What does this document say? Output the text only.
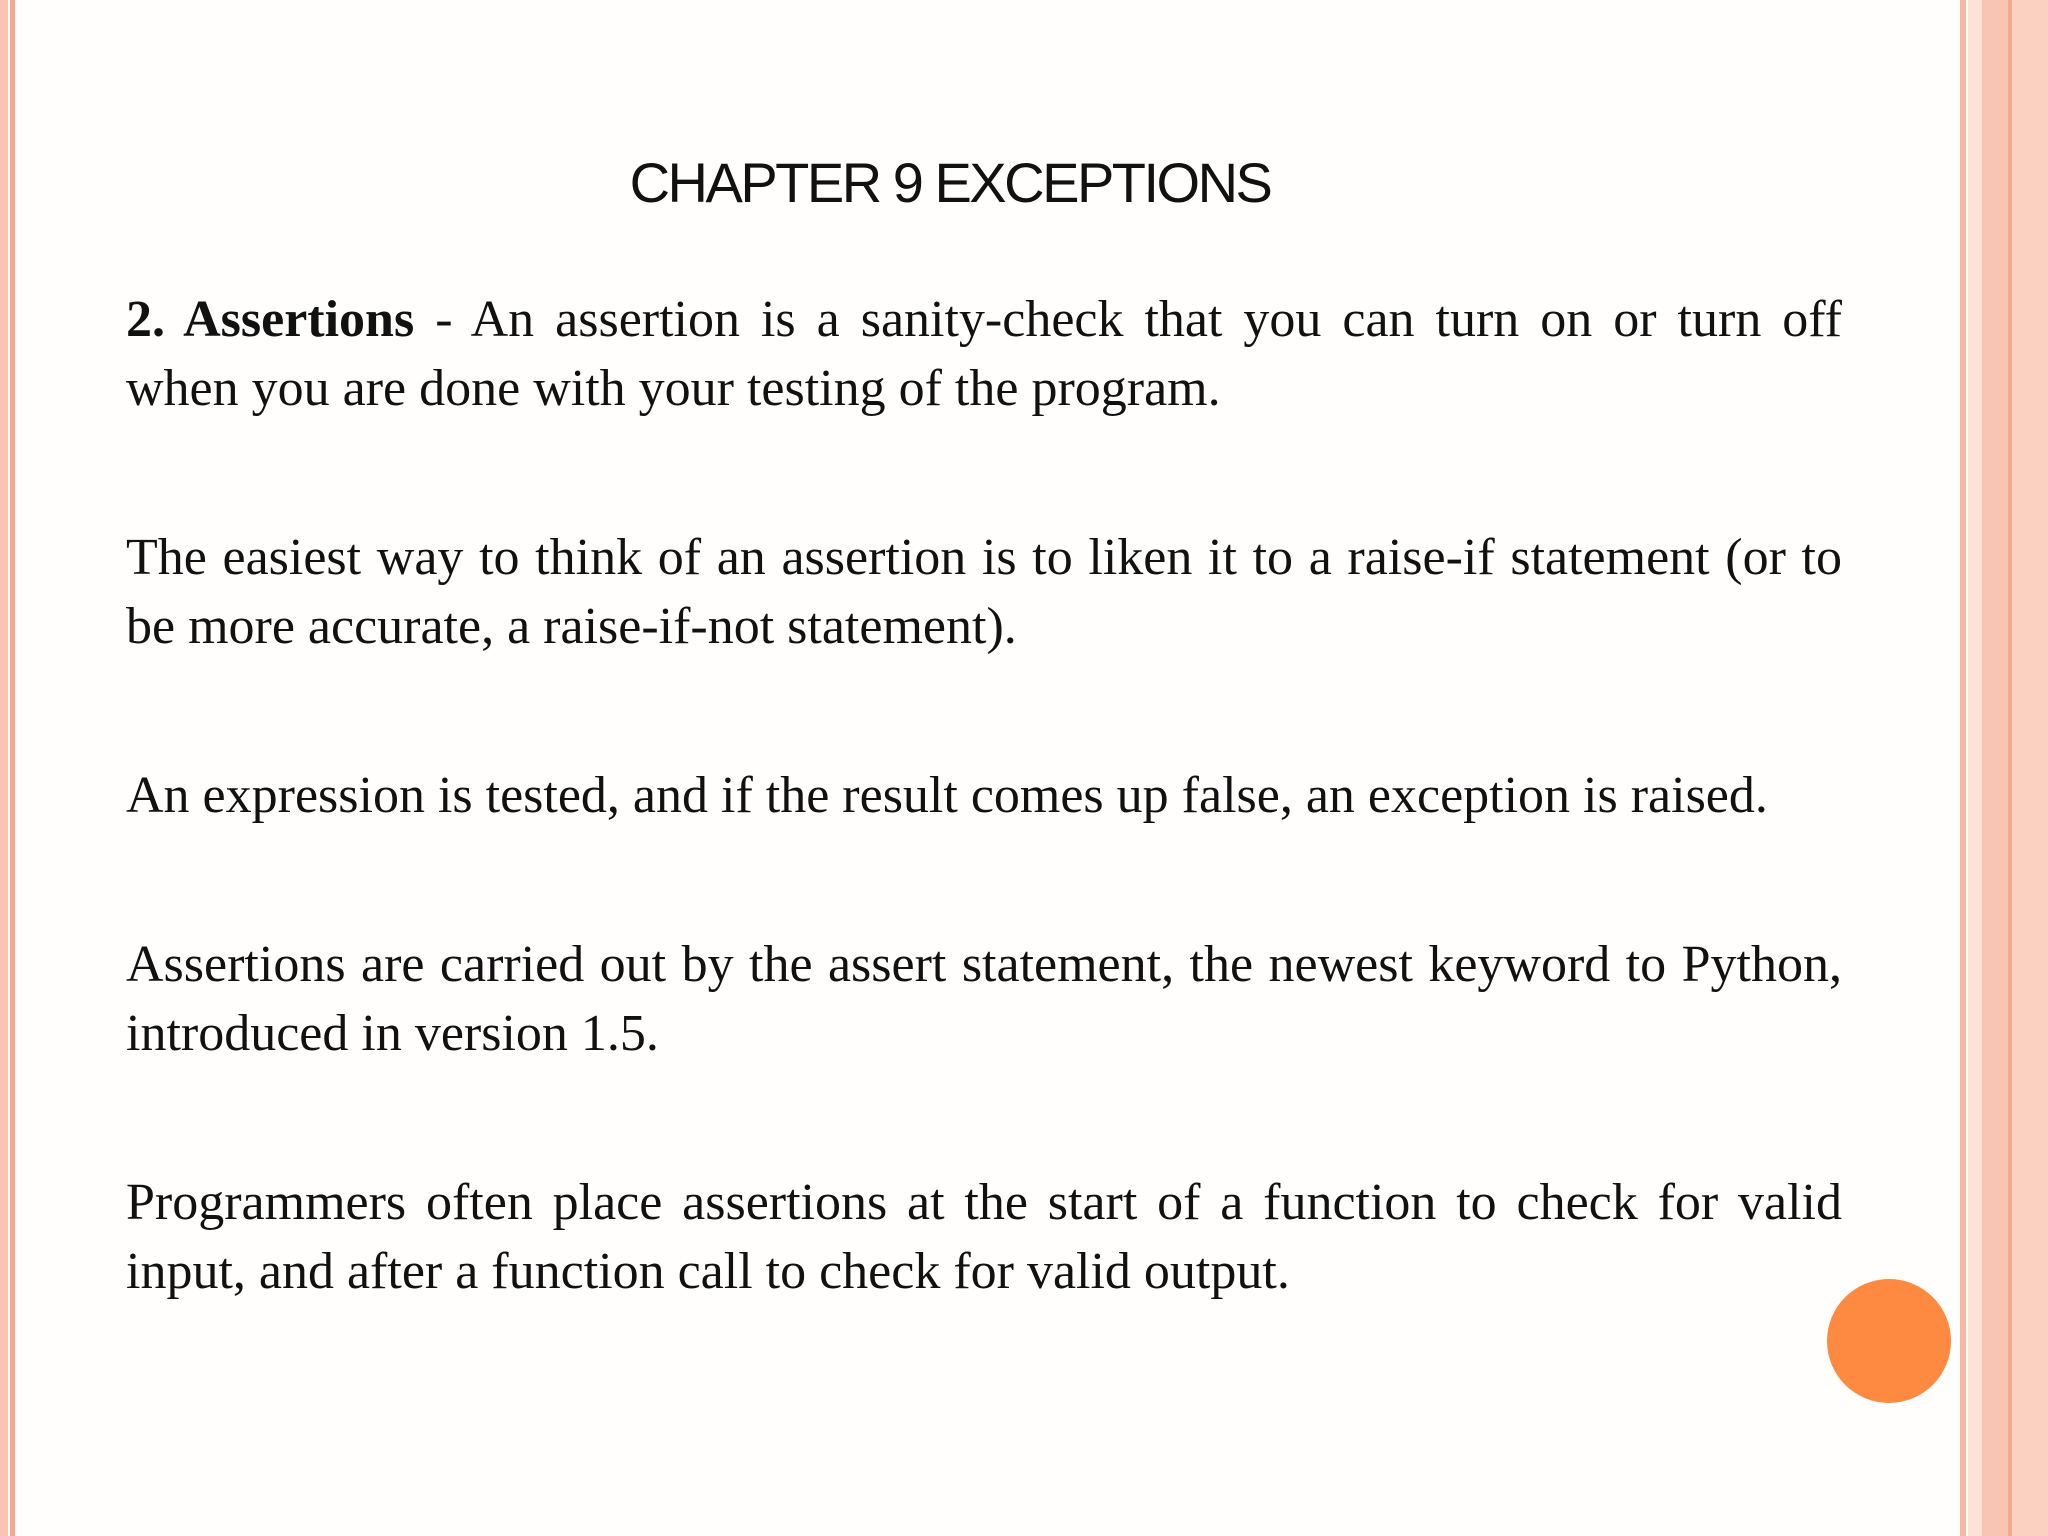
CHAPTER 9 EXCEPTIONS

2. Assertions - An assertion is a sanity-check that you can turn on or turn off when you are done with your testing of the program.

The easiest way to think of an assertion is to liken it to a raise-if statement (or to be more accurate, a raise-if-not statement).

An expression is tested, and if the result comes up false, an exception is raised.

Assertions are carried out by the assert statement, the newest keyword to Python, introduced in version 1.5.

Programmers often place assertions at the start of a function to check for valid input, and after a function call to check for valid output.
